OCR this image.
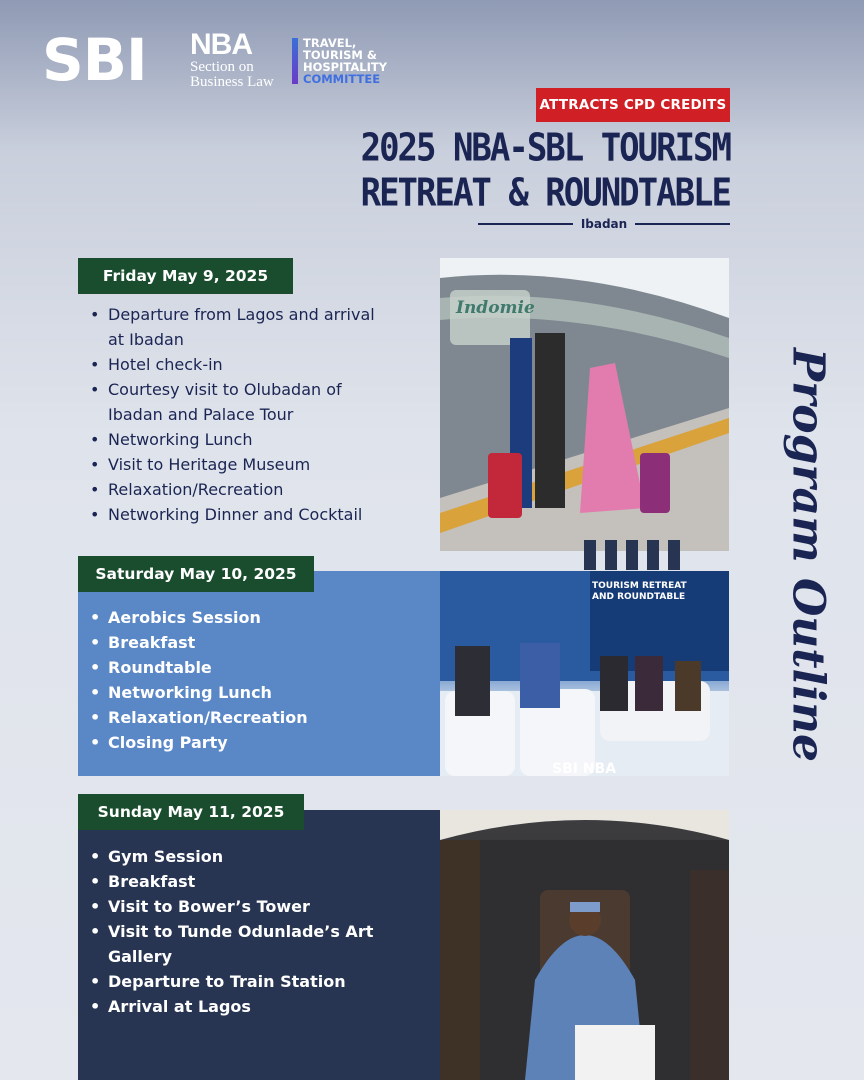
SBI NBA
Section on
Business Law
TRAVEL,
TOURISM &
HOSPITALITY
COMMITTEE
ATTRACTS CPD CREDITS
2025 NBA-SBL TOURISM
RETREAT & ROUNDTABLE
Ibadan
Friday May 9, 2025
• Departure from Lagos and arrival at Ibadan
• Hotel check-in
• Courtesy visit to Olubadan of Ibadan and Palace Tour
• Networking Lunch
• Visit to Heritage Museum
• Relaxation/Recreation
• Networking Dinner and Cocktail
Indomie
Saturday May 10, 2025
• Aerobics Session
• Breakfast
• Roundtable
• Networking Lunch
• Relaxation/Recreation
• Closing Party
TOURISM RETREAT
AND ROUNDTABLE
SBI NBA
Sunday May 11, 2025
• Gym Session
• Breakfast
• Visit to Bower’s Tower
• Visit to Tunde Odunlade’s Art Gallery
• Departure to Train Station
• Arrival at Lagos
Program Outline
